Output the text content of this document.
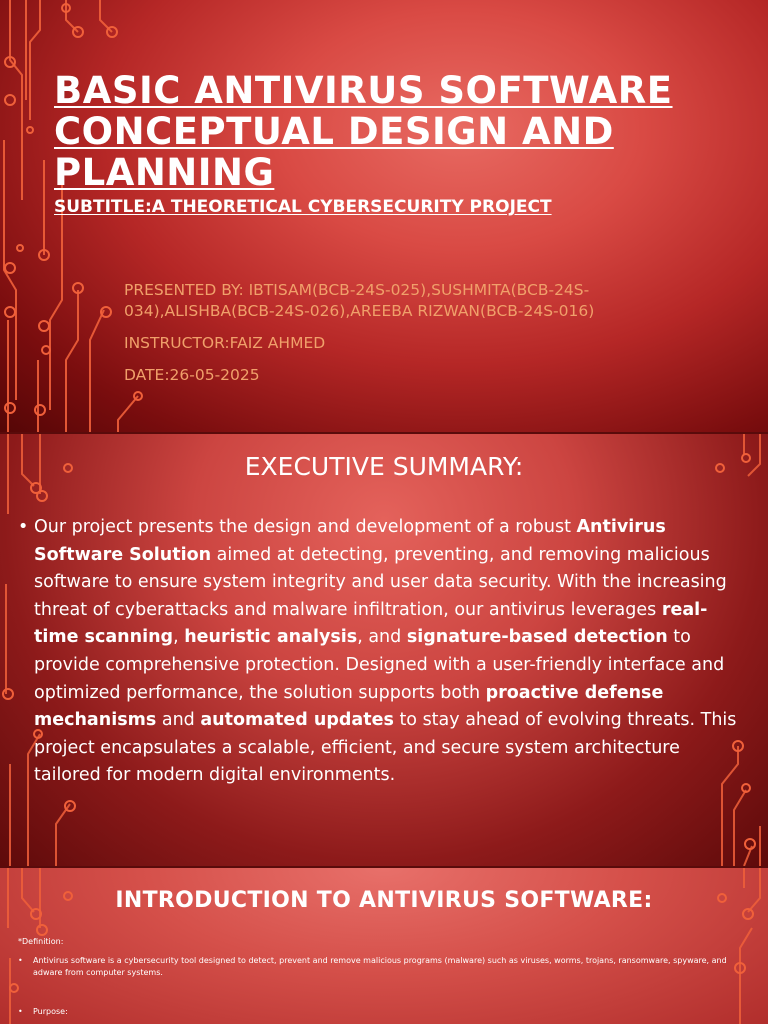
BASIC ANTIVIRUS SOFTWARE CONCEPTUAL DESIGN AND PLANNING
SUBTITLE:A THEORETICAL CYBERSECURITY PROJECT
PRESENTED BY: IBTISAM(BCB-24S-025),SUSHMITA(BCB-24S-034),ALISHBA(BCB-24S-026),AREEBA RIZWAN(BCB-24S-016)
INSTRUCTOR:FAIZ AHMED
DATE:26-05-2025
EXECUTIVE SUMMARY:
• Our project presents the design and development of a robust Antivirus Software Solution aimed at detecting, preventing, and removing malicious software to ensure system integrity and user data security. With the increasing threat of cyberattacks and malware infiltration, our antivirus leverages real-time scanning, heuristic analysis, and signature-based detection to provide comprehensive protection. Designed with a user-friendly interface and optimized performance, the solution supports both proactive defense mechanisms and automated updates to stay ahead of evolving threats. This project encapsulates a scalable, efficient, and secure system architecture tailored for modern digital environments.
INTRODUCTION TO ANTIVIRUS SOFTWARE:
*Definition:
•	Antivirus software is a cybersecurity tool designed to detect, prevent and remove malicious programs (malware) such as viruses, worms, trojans, ransomware, spyware, and adware from computer systems.
•	Purpose:
